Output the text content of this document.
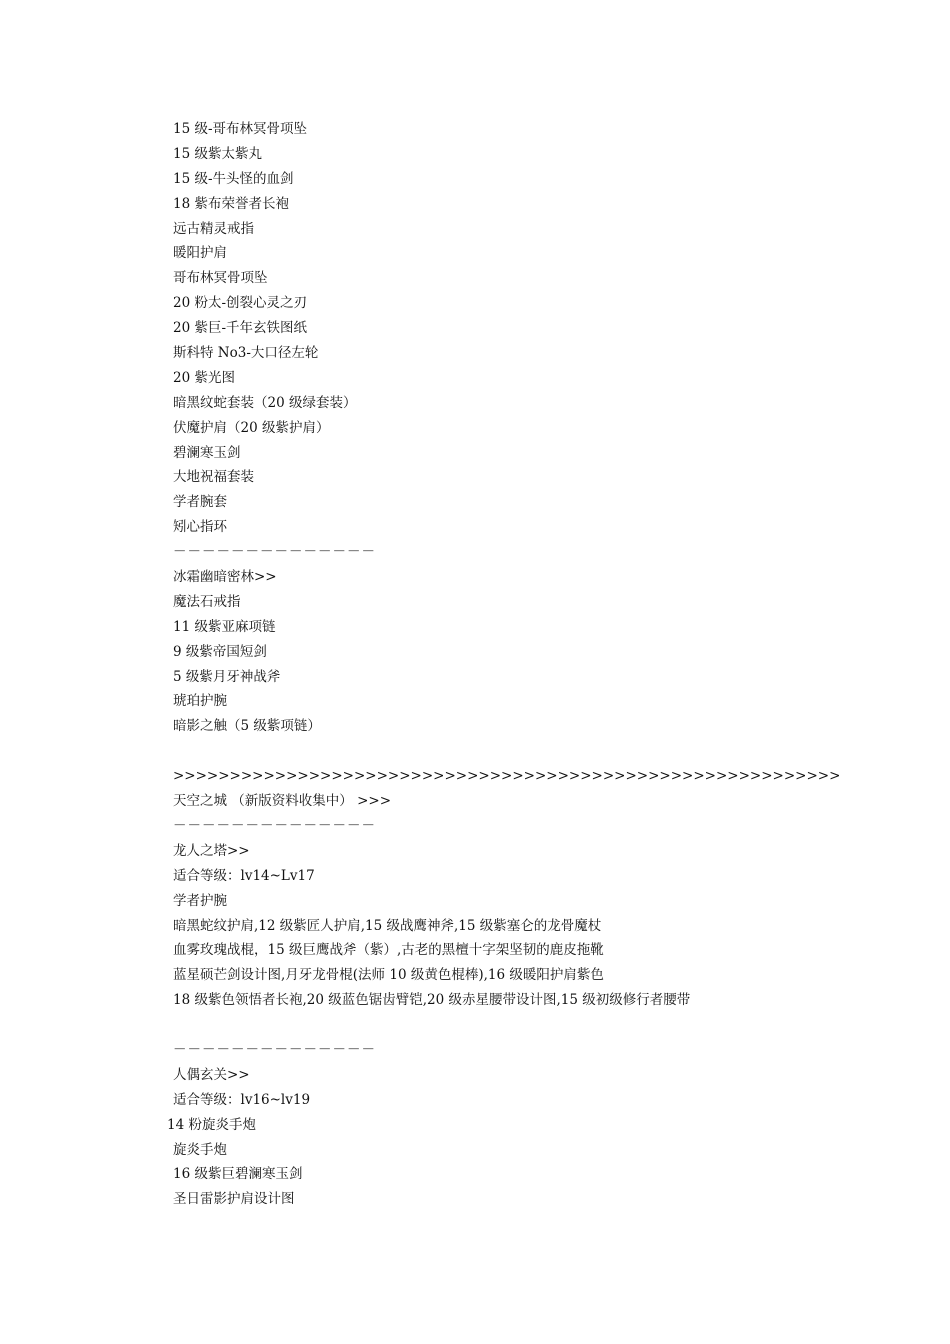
15 级-哥布林冥骨项坠
15 级紫太紫丸
15 级-牛头怪的血剑
18 紫布荣誉者长袍
远古精灵戒指
暖阳护肩
哥布林冥骨项坠
20 粉太-创裂心灵之刃
20 紫巨-千年玄铁图纸
斯科特 No3-大口径左轮
20 紫光图
暗黑纹蛇套装（20 级绿套装）
伏魔护肩（20 级紫护肩）
碧澜寒玉剑
大地祝福套装
学者腕套
矧心指环
－－－－－－－－－－－－－－
冰霜幽暗密林>>
魔法石戒指
11 级紫亚麻项链
9 级紫帝国短剑
5 级紫月牙神战斧
琥珀护腕
暗影之触（5 级紫项链）
>>>>>>>>>>>>>>>>>>>>>>>>>>>>>>>>>>>>>>>>>>>>>>>>>>>>>>>>>>>
天空之城 （新版资料收集中） >>>
－－－－－－－－－－－－－－
龙人之塔>>
适合等级：lv14~Lv17
学者护腕
暗黑蛇纹护肩,12 级紫匠人护肩,15 级战鹰神斧,15 级紫塞仑的龙骨魔杖
血雾玫瑰战棍，15 级巨鹰战斧（紫）,古老的黑檀十字架坚韧的鹿皮拖靴
蓝星硕芒剑设计图,月牙龙骨棍(法师 10 级黄色棍棒),16 级暖阳护肩紫色
18 级紫色领悟者长袍,20 级蓝色锯齿臂铠,20 级赤星腰带设计图,15 级初级修行者腰带
－－－－－－－－－－－－－－
人偶玄关>>
适合等级：lv16~lv19
14 粉旋炎手炮
旋炎手炮
16 级紫巨碧澜寒玉剑
圣日雷影护肩设计图
